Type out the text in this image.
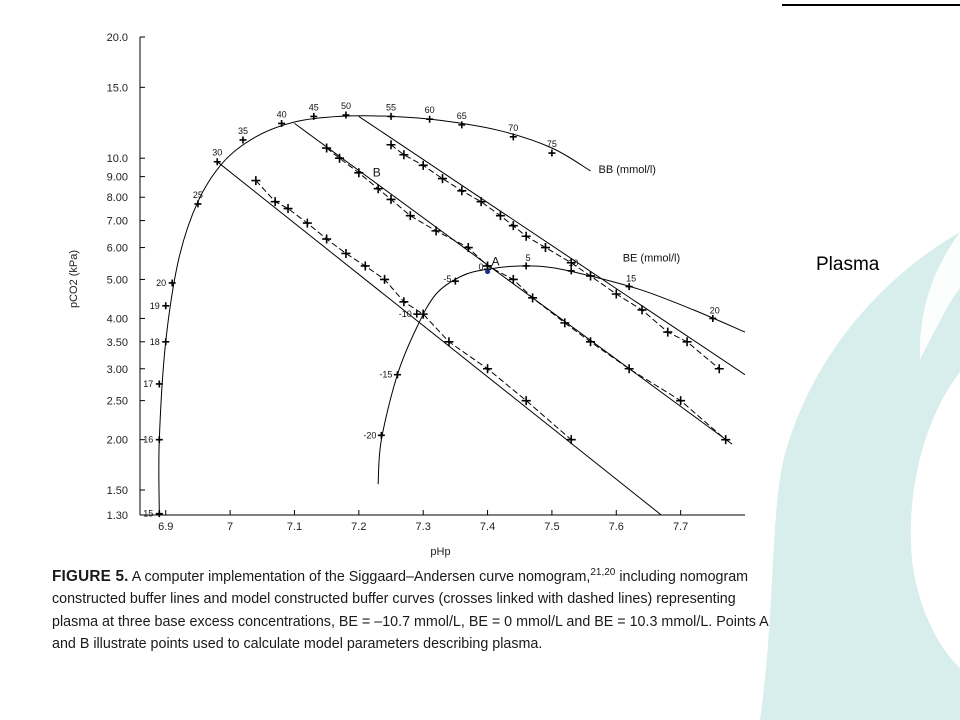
20.0
15.0
10.0
9.00
8.00
7.00
6.00
5.00
4.00
3.50
3.00
2.50
2.00
1.50
1.30
6.9	7	7.1	7.2	7.3	7.4	7.5	7.6	7.7
pHp
pCO2 (kPa)
15
16
17
18
19
20
25
30
35
40
45 50	55	60
65
70
75
-20
-15
-10
-5
0
5	10
15
20
BB (mmol/l)
BE (mmol/l)
A
B
Plasma

FIGURE 5. A computer implementation of the Siggaard–Andersen curve nomogram,$^{21,20}$ including nomogram constructed buffer lines and model constructed buffer curves (crosses linked with dashed lines) representing plasma at three base excess concentrations, BE = –10.7 mmol/L, BE = 0 mmol/L and BE = 10.3 mmol/L. Points A and B illustrate points used to calculate model parameters describing plasma.
